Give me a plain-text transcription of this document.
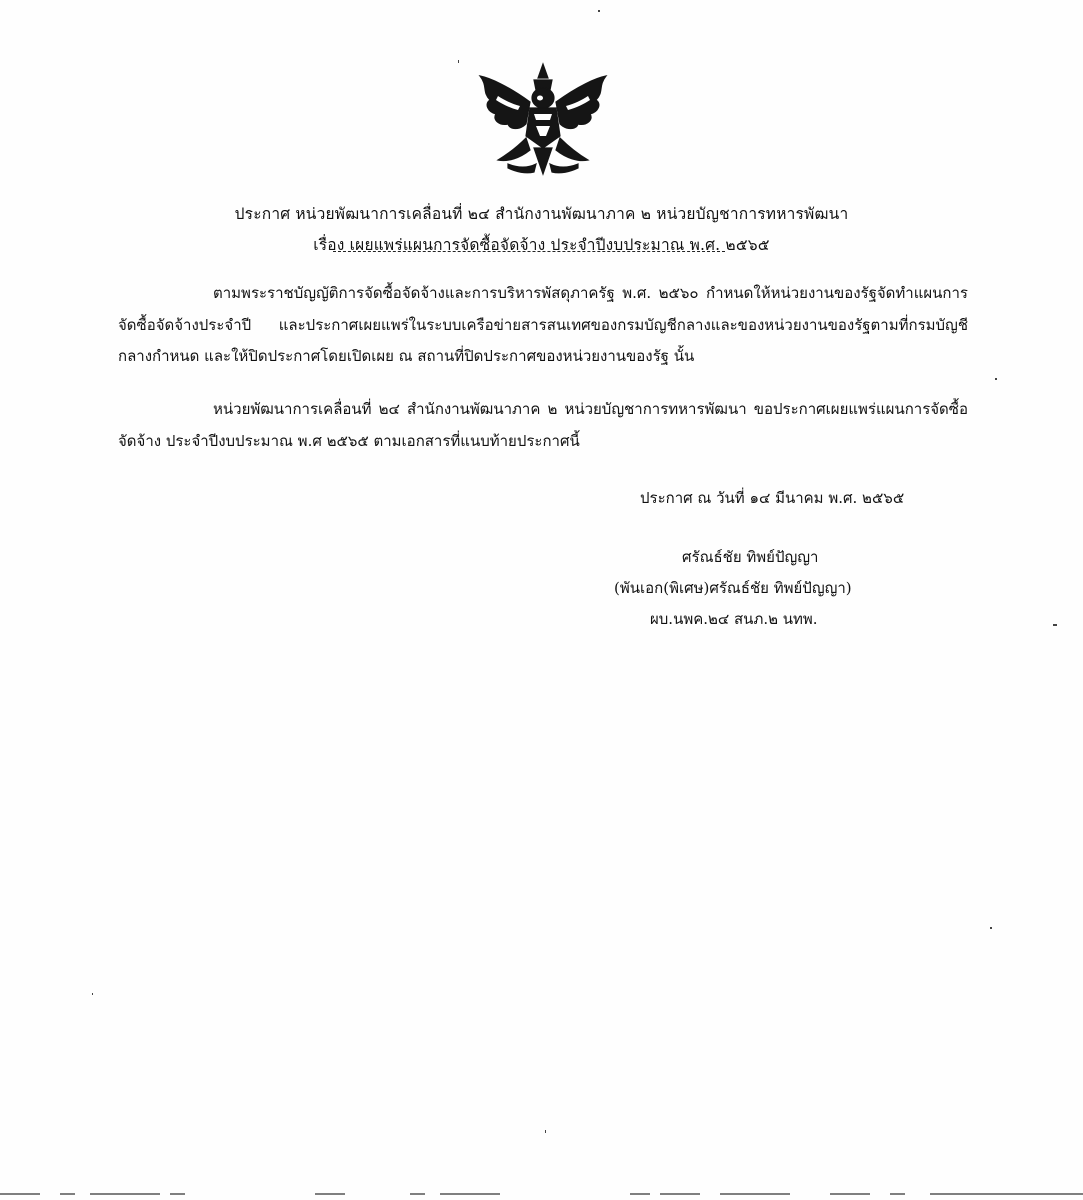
ประกาศ หน่วยพัฒนาการเคลื่อนที่ ๒๔ สำนักงานพัฒนาภาค ๒ หน่วยบัญชาการทหารพัฒนา
เรื่อง เผยแพร่แผนการจัดซื้อจัดจ้าง ประจำปีงบประมาณ พ.ศ. ๒๕๖๕
ตามพระราชบัญญัติการจัดซื้อจัดจ้างและการบริหารพัสดุภาครัฐ พ.ศ. ๒๕๖๐ กำหนดให้หน่วยงานของรัฐจัดทำแผนการจัดซื้อจัดจ้างประจำปี และประกาศเผยแพร่ในระบบเครือข่ายสารสนเทศของกรมบัญชีกลางและของหน่วยงานของรัฐตามที่กรมบัญชีกลางกำหนด และให้ปิดประกาศโดยเปิดเผย ณ สถานที่ปิดประกาศของหน่วยงานของรัฐ นั้น
หน่วยพัฒนาการเคลื่อนที่ ๒๔ สำนักงานพัฒนาภาค ๒ หน่วยบัญชาการทหารพัฒนา ขอประกาศเผยแพร่แผนการจัดซื้อจัดจ้าง ประจำปีงบประมาณ พ.ศ ๒๕๖๕ ตามเอกสารที่แนบท้ายประกาศนี้
ประกาศ ณ วันที่ ๑๔ มีนาคม พ.ศ. ๒๕๖๕
ศรัณธ์ชัย ทิพย์ปัญญา
(พันเอก(พิเศษ)ศรัณธ์ชัย ทิพย์ปัญญา)
ผบ.นพค.๒๔ สนภ.๒ นทพ.
